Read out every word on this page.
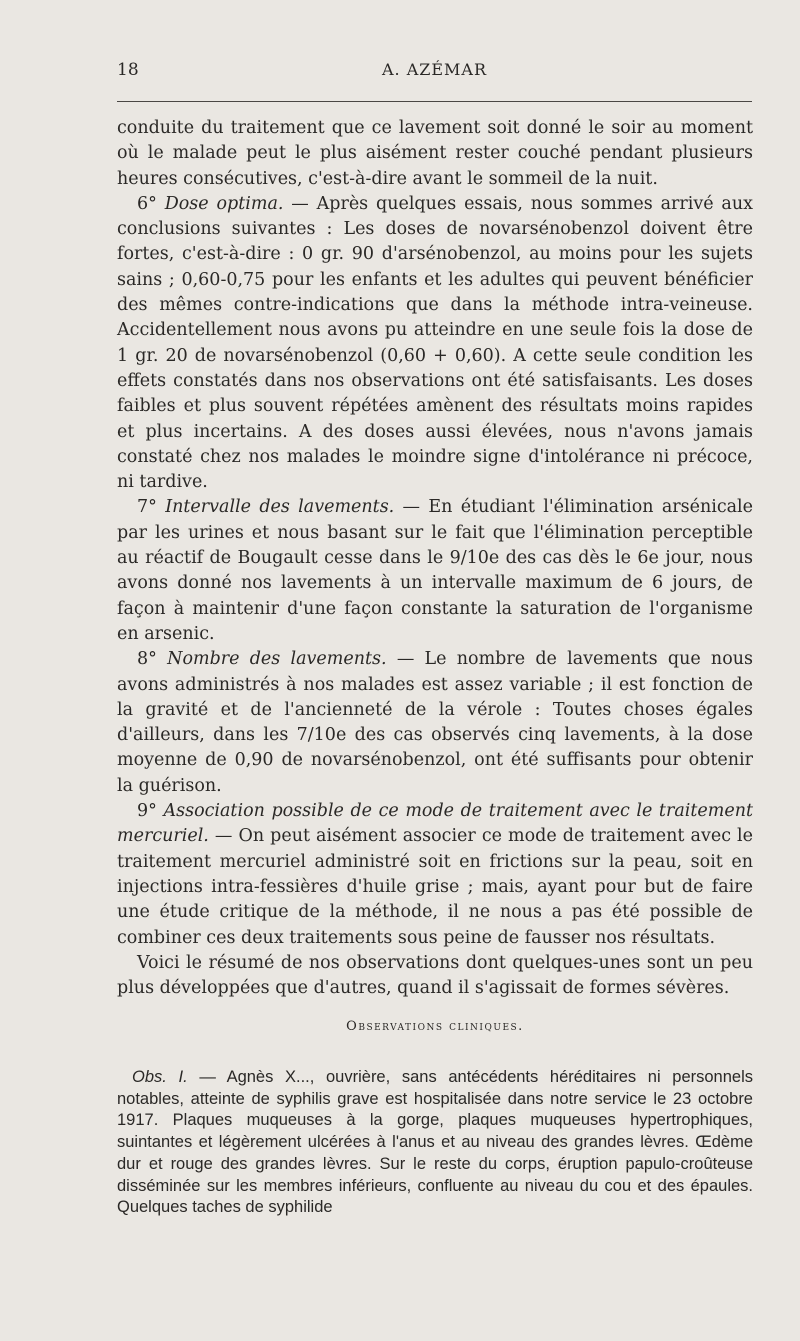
18	A. AZÉMAR

conduite du traitement que ce lavement soit donné le soir au moment où le malade peut le plus aisément rester couché pendant plusieurs heures consécutives, c'est-à-dire avant le sommeil de la nuit.

6° Dose optima. — Après quelques essais, nous sommes arrivé aux conclusions suivantes : Les doses de novarsénobenzol doivent être fortes, c'est-à-dire : 0 gr. 90 d'arsénobenzol, au moins pour les sujets sains ; 0,60-0,75 pour les enfants et les adultes qui peuvent bénéficier des mêmes contre-indications que dans la méthode intra-veineuse. Accidentellement nous avons pu atteindre en une seule fois la dose de 1 gr. 20 de novarsénobenzol (0,60 + 0,60). A cette seule condition les effets constatés dans nos observations ont été satisfaisants. Les doses faibles et plus souvent répétées amènent des résultats moins rapides et plus incertains. A des doses aussi élevées, nous n'avons jamais constaté chez nos malades le moindre signe d'intolérance ni précoce, ni tardive.

7° Intervalle des lavements. — En étudiant l'élimination arsénicale par les urines et nous basant sur le fait que l'élimination perceptible au réactif de Bougault cesse dans le 9/10e des cas dès le 6e jour, nous avons donné nos lavements à un intervalle maximum de 6 jours, de façon à maintenir d'une façon constante la saturation de l'organisme en arsenic.

8° Nombre des lavements. — Le nombre de lavements que nous avons administrés à nos malades est assez variable ; il est fonction de la gravité et de l'ancienneté de la vérole : Toutes choses égales d'ailleurs, dans les 7/10e des cas observés cinq lavements, à la dose moyenne de 0,90 de novarsénobenzol, ont été suffisants pour obtenir la guérison.

9° Association possible de ce mode de traitement avec le traitement mercuriel. — On peut aisément associer ce mode de traitement avec le traitement mercuriel administré soit en frictions sur la peau, soit en injections intra-fessières d'huile grise ; mais, ayant pour but de faire une étude critique de la méthode, il ne nous a pas été possible de combiner ces deux traitements sous peine de fausser nos résultats.

Voici le résumé de nos observations dont quelques-unes sont un peu plus développées que d'autres, quand il s'agissait de formes sévères.

Observations cliniques.

Obs. I. — Agnès X..., ouvrière, sans antécédents héréditaires ni personnels notables, atteinte de syphilis grave est hospitalisée dans notre service le 23 octobre 1917. Plaques muqueuses à la gorge, plaques muqueuses hypertrophiques, suintantes et légèrement ulcérées à l'anus et au niveau des grandes lèvres. Œdème dur et rouge des grandes lèvres. Sur le reste du corps, éruption papulo-croûteuse disséminée sur les membres inférieurs, confluente au niveau du cou et des épaules. Quelques taches de syphilide
